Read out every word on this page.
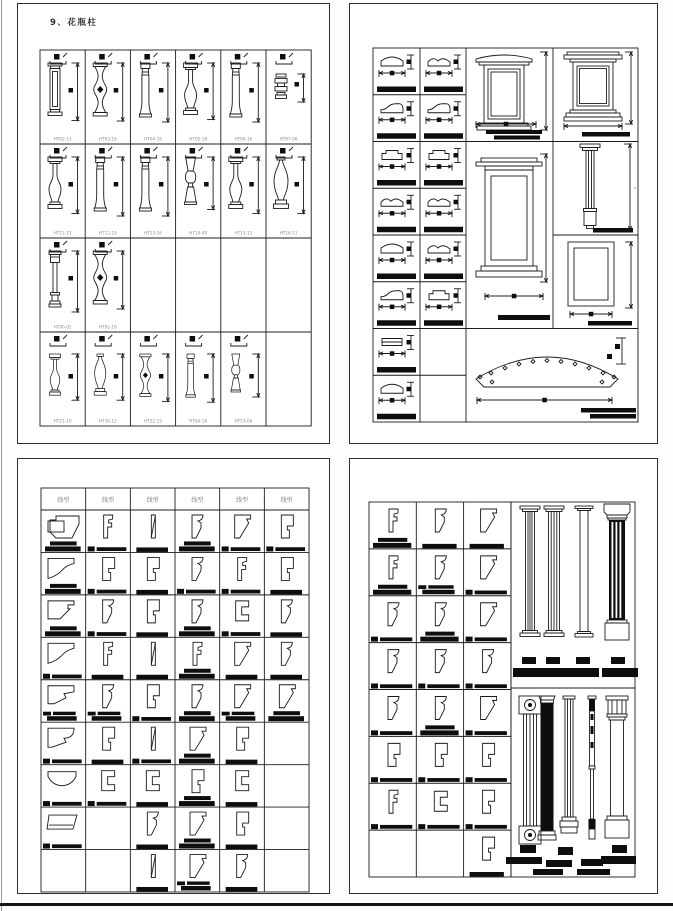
9、花瓶柱
HT02-13	HT03-16	HT04-16	HT05-18	HT06-16	HT07-06
HT11-13	HT12-15	HT13-16	HT14-40	HT15-12	HT16-11
HT90-02	HT92-16
HT21-10	HT30-12	HT32-15	HT64-16	HT53-06
≈
线型	线型	线型	线型	线型	线型
